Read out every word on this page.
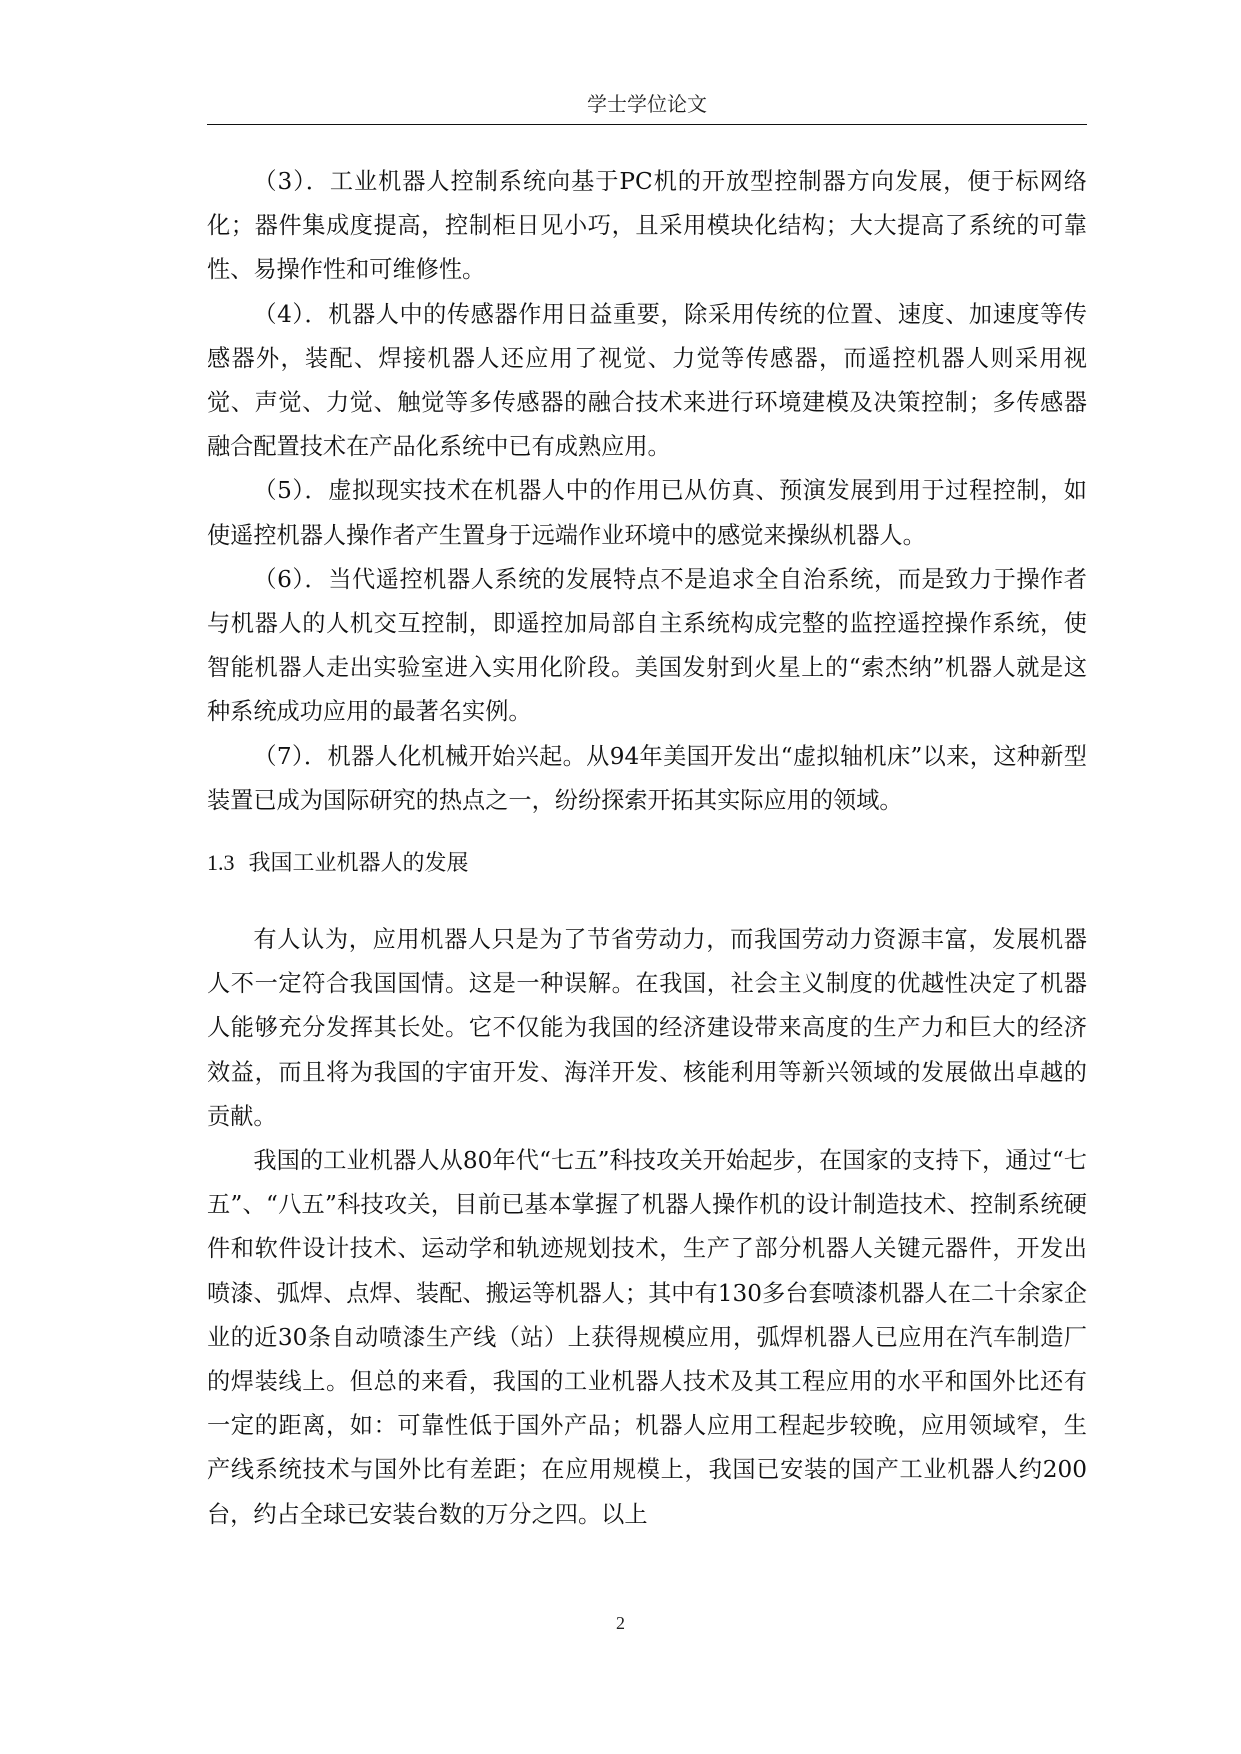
学士学位论文

（3）．工业机器人控制系统向基于PC机的开放型控制器方向发展，便于标网络化；器件集成度提高，控制柜日见小巧，且采用模块化结构；大大提高了系统的可靠性、易操作性和可维修性。

（4）．机器人中的传感器作用日益重要，除采用传统的位置、速度、加速度等传感器外，装配、焊接机器人还应用了视觉、力觉等传感器，而遥控机器人则采用视觉、声觉、力觉、触觉等多传感器的融合技术来进行环境建模及决策控制；多传感器融合配置技术在产品化系统中已有成熟应用。

（5）．虚拟现实技术在机器人中的作用已从仿真、预演发展到用于过程控制，如使遥控机器人操作者产生置身于远端作业环境中的感觉来操纵机器人。

（6）．当代遥控机器人系统的发展特点不是追求全自治系统，而是致力于操作者与机器人的人机交互控制，即遥控加局部自主系统构成完整的监控遥控操作系统，使智能机器人走出实验室进入实用化阶段。美国发射到火星上的“索杰纳”机器人就是这种系统成功应用的最著名实例。

（7）．机器人化机械开始兴起。从94年美国开发出“虚拟轴机床”以来，这种新型装置已成为国际研究的热点之一，纷纷探索开拓其实际应用的领域。

1.3 我国工业机器人的发展

有人认为，应用机器人只是为了节省劳动力，而我国劳动力资源丰富，发展机器人不一定符合我国国情。这是一种误解。在我国，社会主义制度的优越性决定了机器人能够充分发挥其长处。它不仅能为我国的经济建设带来高度的生产力和巨大的经济效益，而且将为我国的宇宙开发、海洋开发、核能利用等新兴领域的发展做出卓越的贡献。

我国的工业机器人从80年代“七五”科技攻关开始起步，在国家的支持下，通过“七五”、“八五”科技攻关，目前已基本掌握了机器人操作机的设计制造技术、控制系统硬件和软件设计技术、运动学和轨迹规划技术，生产了部分机器人关键元器件，开发出喷漆、弧焊、点焊、装配、搬运等机器人；其中有130多台套喷漆机器人在二十余家企业的近30条自动喷漆生产线（站）上获得规模应用，弧焊机器人已应用在汽车制造厂的焊装线上。但总的来看，我国的工业机器人技术及其工程应用的水平和国外比还有一定的距离，如：可靠性低于国外产品；机器人应用工程起步较晚，应用领域窄，生产线系统技术与国外比有差距；在应用规模上，我国已安装的国产工业机器人约200台，约占全球已安装台数的万分之四。以上

2
